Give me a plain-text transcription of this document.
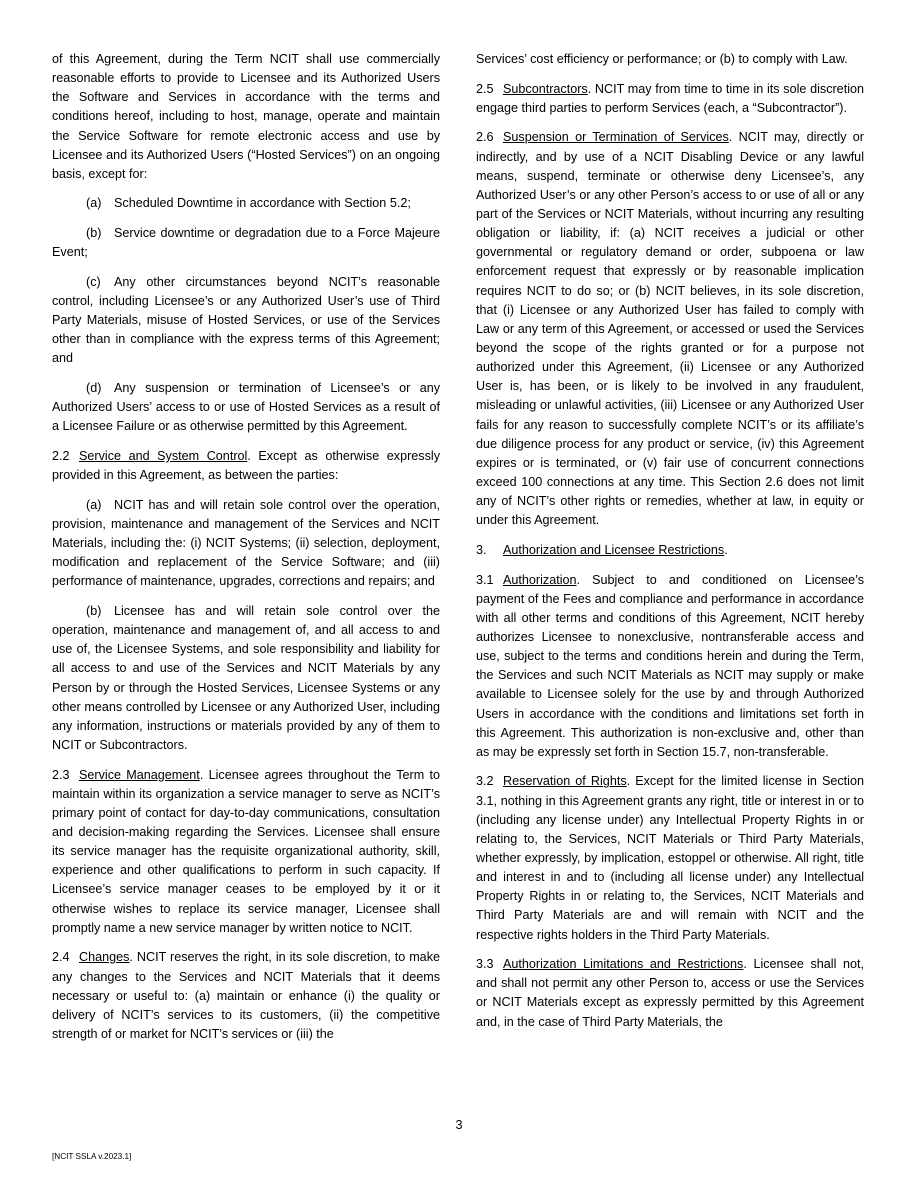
of this Agreement, during the Term NCIT shall use commercially reasonable efforts to provide to Licensee and its Authorized Users the Software and Services in accordance with the terms and conditions hereof, including to host, manage, operate and maintain the Service Software for remote electronic access and use by Licensee and its Authorized Users (“Hosted Services”) on an ongoing basis, except for:

(a) Scheduled Downtime in accordance with Section 5.2;

(b) Service downtime or degradation due to a Force Majeure Event;

(c) Any other circumstances beyond NCIT’s reasonable control, including Licensee’s or any Authorized User’s use of Third Party Materials, misuse of Hosted Services, or use of the Services other than in compliance with the express terms of this Agreement; and

(d) Any suspension or termination of Licensee’s or any Authorized Users’ access to or use of Hosted Services as a result of a Licensee Failure or as otherwise permitted by this Agreement.

2.2 Service and System Control. Except as otherwise expressly provided in this Agreement, as between the parties:

(a) NCIT has and will retain sole control over the operation, provision, maintenance and management of the Services and NCIT Materials, including the: (i) NCIT Systems; (ii) selection, deployment, modification and replacement of the Service Software; and (iii) performance of maintenance, upgrades, corrections and repairs; and

(b) Licensee has and will retain sole control over the operation, maintenance and management of, and all access to and use of, the Licensee Systems, and sole responsibility and liability for all access to and use of the Services and NCIT Materials by any Person by or through the Hosted Services, Licensee Systems or any other means controlled by Licensee or any Authorized User, including any information, instructions or materials provided by any of them to NCIT or Subcontractors.

2.3 Service Management. Licensee agrees throughout the Term to maintain within its organization a service manager to serve as NCIT’s primary point of contact for day-to-day communications, consultation and decision-making regarding the Services. Licensee shall ensure its service manager has the requisite organizational authority, skill, experience and other qualifications to perform in such capacity. If Licensee’s service manager ceases to be employed by it or it otherwise wishes to replace its service manager, Licensee shall promptly name a new service manager by written notice to NCIT.

2.4 Changes. NCIT reserves the right, in its sole discretion, to make any changes to the Services and NCIT Materials that it deems necessary or useful to: (a) maintain or enhance (i) the quality or delivery of NCIT’s services to its customers, (ii) the competitive strength of or market for NCIT’s services or (iii) the

Services’ cost efficiency or performance; or (b) to comply with Law.

2.5 Subcontractors. NCIT may from time to time in its sole discretion engage third parties to perform Services (each, a “Subcontractor”).

2.6 Suspension or Termination of Services. NCIT may, directly or indirectly, and by use of a NCIT Disabling Device or any lawful means, suspend, terminate or otherwise deny Licensee’s, any Authorized User’s or any other Person’s access to or use of all or any part of the Services or NCIT Materials, without incurring any resulting obligation or liability, if: (a) NCIT receives a judicial or other governmental or regulatory demand or order, subpoena or law enforcement request that expressly or by reasonable implication requires NCIT to do so; or (b) NCIT believes, in its sole discretion, that (i) Licensee or any Authorized User has failed to comply with Law or any term of this Agreement, or accessed or used the Services beyond the scope of the rights granted or for a purpose not authorized under this Agreement, (ii) Licensee or any Authorized User is, has been, or is likely to be involved in any fraudulent, misleading or unlawful activities, (iii) Licensee or any Authorized User fails for any reason to successfully complete NCIT’s or its affiliate’s due diligence process for any product or service, (iv) this Agreement expires or is terminated, or (v) fair use of concurrent connections exceed 100 connections at any time. This Section 2.6 does not limit any of NCIT’s other rights or remedies, whether at law, in equity or under this Agreement.

3. Authorization and Licensee Restrictions.

3.1 Authorization. Subject to and conditioned on Licensee’s payment of the Fees and compliance and performance in accordance with all other terms and conditions of this Agreement, NCIT hereby authorizes Licensee to nonexclusive, nontransferable access and use, subject to the terms and conditions herein and during the Term, the Services and such NCIT Materials as NCIT may supply or make available to Licensee solely for the use by and through Authorized Users in accordance with the conditions and limitations set forth in this Agreement. This authorization is non-exclusive and, other than as may be expressly set forth in Section 15.7, non-transferable.

3.2 Reservation of Rights. Except for the limited license in Section 3.1, nothing in this Agreement grants any right, title or interest in or to (including any license under) any Intellectual Property Rights in or relating to, the Services, NCIT Materials or Third Party Materials, whether expressly, by implication, estoppel or otherwise. All right, title and interest in and to (including all license under) any Intellectual Property Rights in or relating to, the Services, NCIT Materials and Third Party Materials are and will remain with NCIT and the respective rights holders in the Third Party Materials.

3.3 Authorization Limitations and Restrictions. Licensee shall not, and shall not permit any other Person to, access or use the Services or NCIT Materials except as expressly permitted by this Agreement and, in the case of Third Party Materials, the

3
[NCIT SSLA v.2023.1]
